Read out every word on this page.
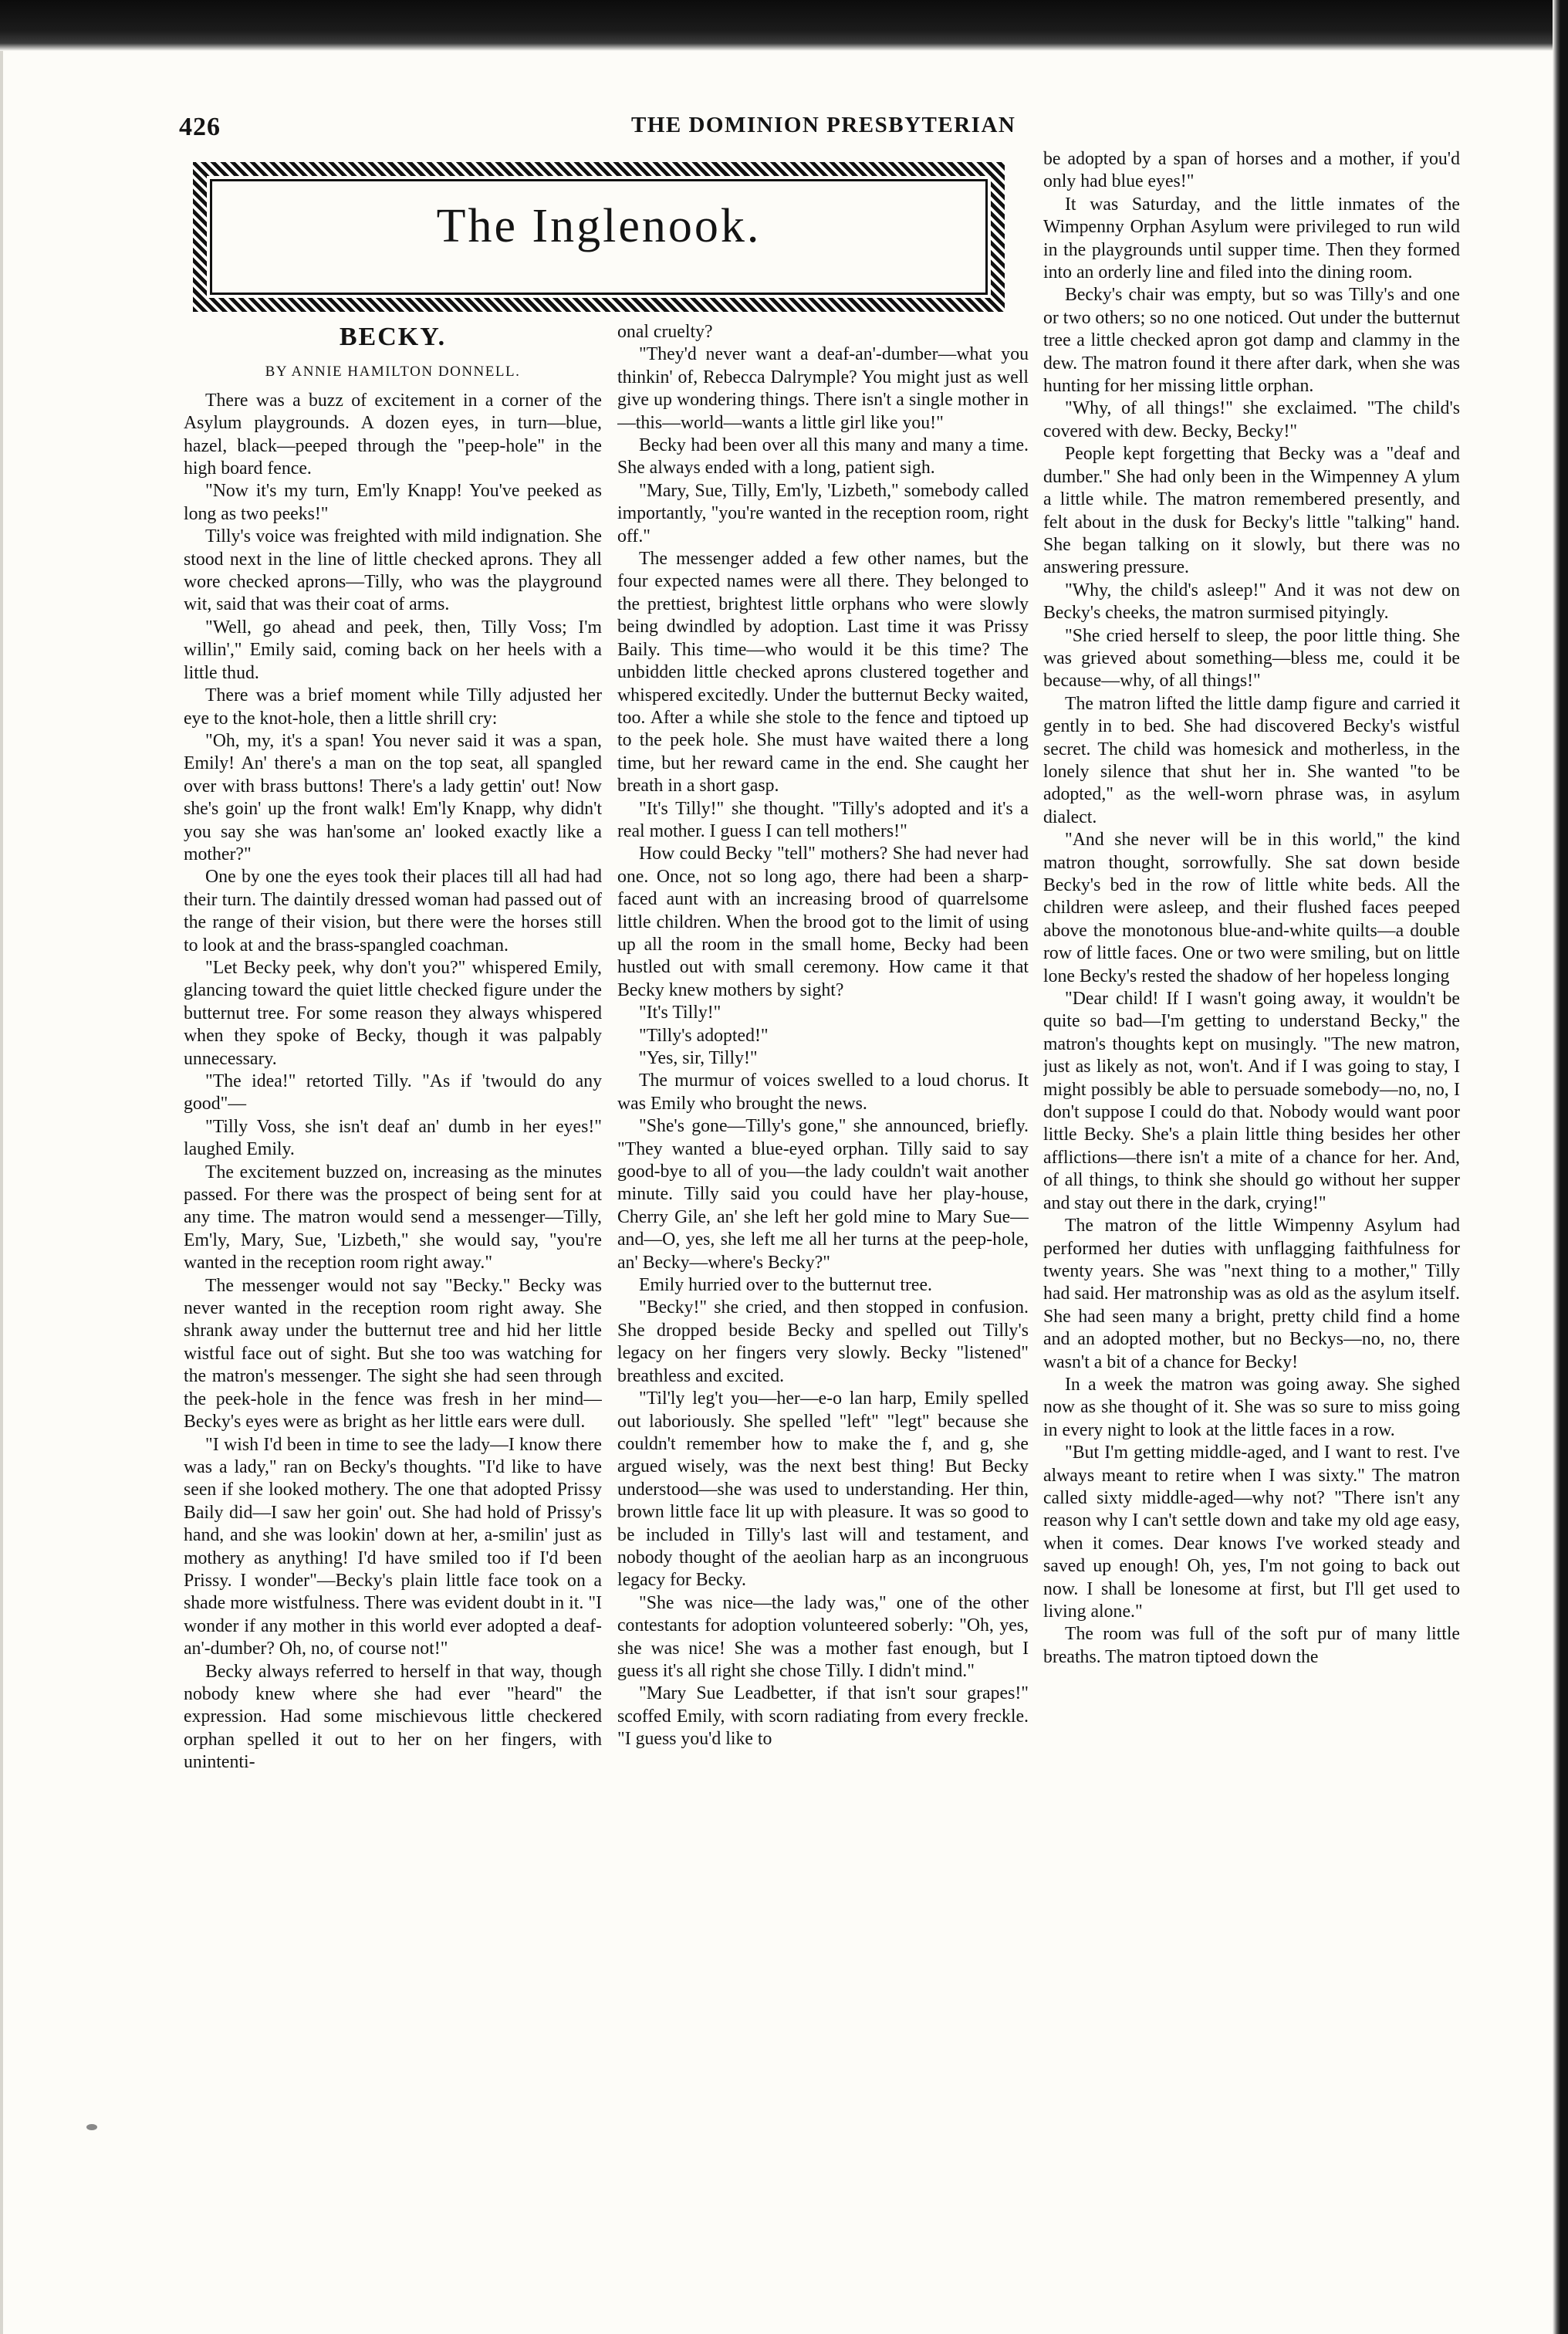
426	THE DOMINION PRESBYTERIAN
The Inglenook.
BECKY.
BY ANNIE HAMILTON DONNELL.

There was a buzz of excitement in a corner of the Asylum playgrounds. A dozen eyes, in turn—blue, hazel, black—peeped through the "peep-hole" in the high board fence.

"Now it's my turn, Em'ly Knapp! You've peeked as long as two peeks!"

Tilly's voice was freighted with mild indignation. She stood next in the line of little checked aprons. They all wore checked aprons—Tilly, who was the playground wit, said that was their coat of arms.

"Well, go ahead and peek, then, Tilly Voss; I'm willin'," Emily said, coming back on her heels with a little thud.

There was a brief moment while Tilly adjusted her eye to the knot-hole, then a little shrill cry:

"Oh, my, it's a span! You never said it was a span, Emily! An' there's a man on the top seat, all spangled over with brass buttons! There's a lady gettin' out! Now she's goin' up the front walk! Em'ly Knapp, why didn't you say she was han'some an' looked exactly like a mother?"

One by one the eyes took their places till all had had their turn. The daintily dressed woman had passed out of the range of their vision, but there were the horses still to look at and the brass-spangled coachman.

"Let Becky peek, why don't you?" whispered Emily, glancing toward the quiet little checked figure under the butternut tree. For some reason they always whispered when they spoke of Becky, though it was palpably unnecessary.

"The idea!" retorted Tilly. "As if 'twould do any good"—

"Tilly Voss, she isn't deaf an' dumb in her eyes!" laughed Emily.

The excitement buzzed on, increasing as the minutes passed. For there was the prospect of being sent for at any time. The matron would send a messenger—Tilly, Em'ly, Mary, Sue, 'Lizbeth," she would say, "you're wanted in the reception room right away."

The messenger would not say "Becky." Becky was never wanted in the reception room right away. She shrank away under the butternut tree and hid her little wistful face out of sight. But she too was watching for the matron's messenger. The sight she had seen through the peek-hole in the fence was fresh in her mind—Becky's eyes were as bright as her little ears were dull.

"I wish I'd been in time to see the lady—I know there was a lady," ran on Becky's thoughts. "I'd like to have seen if she looked mothery. The one that adopted Prissy Baily did—I saw her goin' out. She had hold of Prissy's hand, and she was lookin' down at her, a-smilin' just as mothery as anything! I'd have smiled too if I'd been Prissy. I wonder"—Becky's plain little face took on a shade more wistfulness. There was evident doubt in it. "I wonder if any mother in this world ever adopted a deaf-an'-dumber? Oh, no, of course not!"

Becky always referred to herself in that way, though nobody knew where she had ever "heard" the expression. Had some mischievous little checkered orphan spelled it out to her on her fingers, with unintenti-

onal cruelty?

"They'd never want a deaf-an'-dumber—what you thinkin' of, Rebecca Dalrymple? You might just as well give up wondering things. There isn't a single mother in—this—world—wants a little girl like you!"

Becky had been over all this many and many a time. She always ended with a long, patient sigh.

"Mary, Sue, Tilly, Em'ly, 'Lizbeth," somebody called importantly, "you're wanted in the reception room, right off."

The messenger added a few other names, but the four expected names were all there. They belonged to the prettiest, brightest little orphans who were slowly being dwindled by adoption. Last time it was Prissy Baily. This time—who would it be this time? The unbidden little checked aprons clustered together and whispered excitedly. Under the butternut Becky waited, too. After a while she stole to the fence and tiptoed up to the peek hole. She must have waited there a long time, but her reward came in the end. She caught her breath in a short gasp.

"It's Tilly!" she thought. "Tilly's adopted and it's a real mother. I guess I can tell mothers!"

How could Becky "tell" mothers? She had never had one. Once, not so long ago, there had been a sharp-faced aunt with an increasing brood of quarrelsome little children. When the brood got to the limit of using up all the room in the small home, Becky had been hustled out with small ceremony. How came it that Becky knew mothers by sight?

"It's Tilly!"

"Tilly's adopted!"

"Yes, sir, Tilly!"

The murmur of voices swelled to a loud chorus. It was Emily who brought the news.

"She's gone—Tilly's gone," she announced, briefly. "They wanted a blue-eyed orphan. Tilly said to say good-bye to all of you—the lady couldn't wait another minute. Tilly said you could have her play-house, Cherry Gile, an' she left her gold mine to Mary Sue—and—O, yes, she left me all her turns at the peep-hole, an' Becky—where's Becky?"

Emily hurried over to the butternut tree.

"Becky!" she cried, and then stopped in confusion. She dropped beside Becky and spelled out Tilly's legacy on her fingers very slowly. Becky "listened" breathless and excited.

"Til'ly leg't you—her—e-o lan harp, Emily spelled out laboriously. She spelled "left" "legt" because she couldn't remember how to make the f, and g, she argued wisely, was the next best thing! But Becky understood—she was used to understanding. Her thin, brown little face lit up with pleasure. It was so good to be included in Tilly's last will and testament, and nobody thought of the aeolian harp as an incongruous legacy for Becky.

"She was nice—the lady was," one of the other contestants for adoption volunteered soberly: "Oh, yes, she was nice! She was a mother fast enough, but I guess it's all right she chose Tilly. I didn't mind."

"Mary Sue Leadbetter, if that isn't sour grapes!" scoffed Emily, with scorn radiating from every freckle. "I guess you'd like to

be adopted by a span of horses and a mother, if you'd only had blue eyes!"

It was Saturday, and the little inmates of the Wimpenny Orphan Asylum were privileged to run wild in the playgrounds until supper time. Then they formed into an orderly line and filed into the dining room.

Becky's chair was empty, but so was Tilly's and one or two others; so no one noticed. Out under the butternut tree a little checked apron got damp and clammy in the dew. The matron found it there after dark, when she was hunting for her missing little orphan.

"Why, of all things!" she exclaimed. "The child's covered with dew. Becky, Becky!"

People kept forgetting that Becky was a "deaf and dumber." She had only been in the Wimpenney A ylum a little while. The matron remembered presently, and felt about in the dusk for Becky's little "talking" hand. She began talking on it slowly, but there was no answering pressure.

"Why, the child's asleep!" And it was not dew on Becky's cheeks, the matron surmised pityingly.

"She cried herself to sleep, the poor little thing. She was grieved about something—bless me, could it be because—why, of all things!"

The matron lifted the little damp figure and carried it gently in to bed. She had discovered Becky's wistful secret. The child was homesick and motherless, in the lonely silence that shut her in. She wanted "to be adopted," as the well-worn phrase was, in asylum dialect.

"And she never will be in this world," the kind matron thought, sorrowfully. She sat down beside Becky's bed in the row of little white beds. All the children were asleep, and their flushed faces peeped above the monotonous blue-and-white quilts—a double row of little faces. One or two were smiling, but on little lone Becky's rested the shadow of her hopeless longing

"Dear child! If I wasn't going away, it wouldn't be quite so bad—I'm getting to understand Becky," the matron's thoughts kept on musingly. "The new matron, just as likely as not, won't. And if I was going to stay, I might possibly be able to persuade somebody—no, no, I don't suppose I could do that. Nobody would want poor little Becky. She's a plain little thing besides her other afflictions—there isn't a mite of a chance for her. And, of all things, to think she should go without her supper and stay out there in the dark, crying!"

The matron of the little Wimpenny Asylum had performed her duties with unflagging faithfulness for twenty years. She was "next thing to a mother," Tilly had said. Her matronship was as old as the asylum itself. She had seen many a bright, pretty child find a home and an adopted mother, but no Beckys—no, no, there wasn't a bit of a chance for Becky!

In a week the matron was going away. She sighed now as she thought of it. She was so sure to miss going in every night to look at the little faces in a row.

"But I'm getting middle-aged, and I want to rest. I've always meant to retire when I was sixty." The matron called sixty middle-aged—why not? "There isn't any reason why I can't settle down and take my old age easy, when it comes. Dear knows I've worked steady and saved up enough! Oh, yes, I'm not going to back out now. I shall be lonesome at first, but I'll get used to living alone."

The room was full of the soft pur of many little breaths. The matron tiptoed down the
